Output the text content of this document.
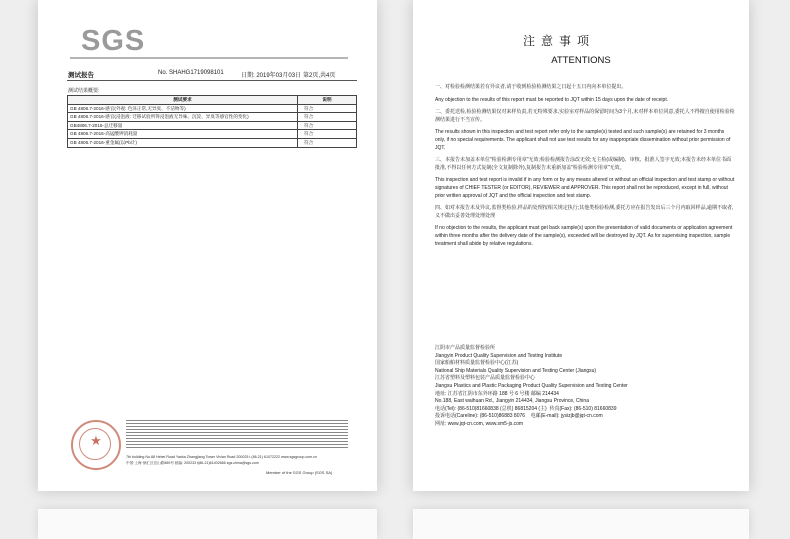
SGS
测试报告	No. SHAHG1719098101	日期: 2019年03月03日 第2页,共4页
测试结果概要:
测试要求	说明
GB 4806.7-2016-感官(外观: 色泽正常,无异臭、不洁物等)	符合
GB 4806.7-2016-感官(浸泡液: 迁移试验所得浸泡液无异味、沉淀、异臭等感官性的变化)	符合
GB4806.7-2016-总迁移量	符合
GB 4806.7-2016-高锰酸钾消耗量	符合
GB 4806.7-2016-重金属(以Pb计)	符合
★
7th building No.88 Hebei Road Yanka Zhangjiang Tower Vivian Road 200025 t (86-21) 61072222 www.sgsgroup.com.cn
中国·上海·徐汇区宜山路889号 邮编: 200233 t(86-21)61402666 sgs.china@sgs.com
Member of the SGS Group (SGS SA)
注意事项
ATTENTIONS

一、对检验检测结果若有异议者,请于收到检验检测结果之日起十五日内向本单位提出。

Any objection to the results of this report must be reported to JQT within 15 days upon the date of receipt.

二、委托送检,检验检测结果仅对来样负责,若无特殊要求,实验室对样品的保留时间为3个月,未对样本单位同意,委托人不得擅自使用检验检测结果进行不当宣传。

The results shown in this inspection and test report refer only to the sample(s) tested and such sample(s) are retained for 3 months only, if no special requirements. The applicant shall not use test results for any inappropriate dissemination without prior permission of JQT.

三、本报告未加盖本单位"检验检测专用章"无效;检验检测报告涂改无效;无主检(或编制)、审核、批准人签字无效;本报告未经本单位书面批准,不得以任何方式复制(全文复制除外),复制报告未重新加盖"检验检测专用章"无效。

This inspection and test report is invalid if in any form or by any means altered or without an official inspection and test stamp or without signatures of CHIEF TESTER (or EDITOR), REVIEWER and APPROVER. This report shall not be reproduced, except in full, without prior written approval of JQT and the official inspection and test stamp.

四、如对本报告未及异议,监督类检验,样品的处理按相关规定执行;其他类检验检测,委托方应在报告发出后三个月内取回样品,逾期不取者,义不做出妥善处理处理处理

If no objection to the results, the applicant must get back sample(s) upon the presentation of valid documents or application agreement within three months after the delivery date of the sample(s), exceeded will be destroyed by JQT. As for supervising inspection, sample treatment shall abide by relative regulations.

江阴市产品质量监督检验所
Jiangyin Product Quality Supervision and Testing Institute
国家船舶材料质量监督检验中心(江苏)
National Ship Materials Quality Supervision and Testing Center (Jiangsu)
江苏省塑料及塑料包装产品质量监督检验中心
Jiangsu Plastics and Plastic Packaging Product Quality Supervision and Testing Center
地址: 江苏省江阴市东外环路 188 号 6 号楼 邮编 214434
No.188, East waihuan Rd., Jiangyin 214434, Jiangsu Province, China
电话(Tel): (86-510)81660838 (总机) 86815204 (主) 传真(Fax): (86-510) 81660839
投诉电话(Careline): (86-510)86883 8076 电邮(E-mail): jysizjb@jqt-cn.com
网址: www.jqt-cn.com, www.sm5-js.com
